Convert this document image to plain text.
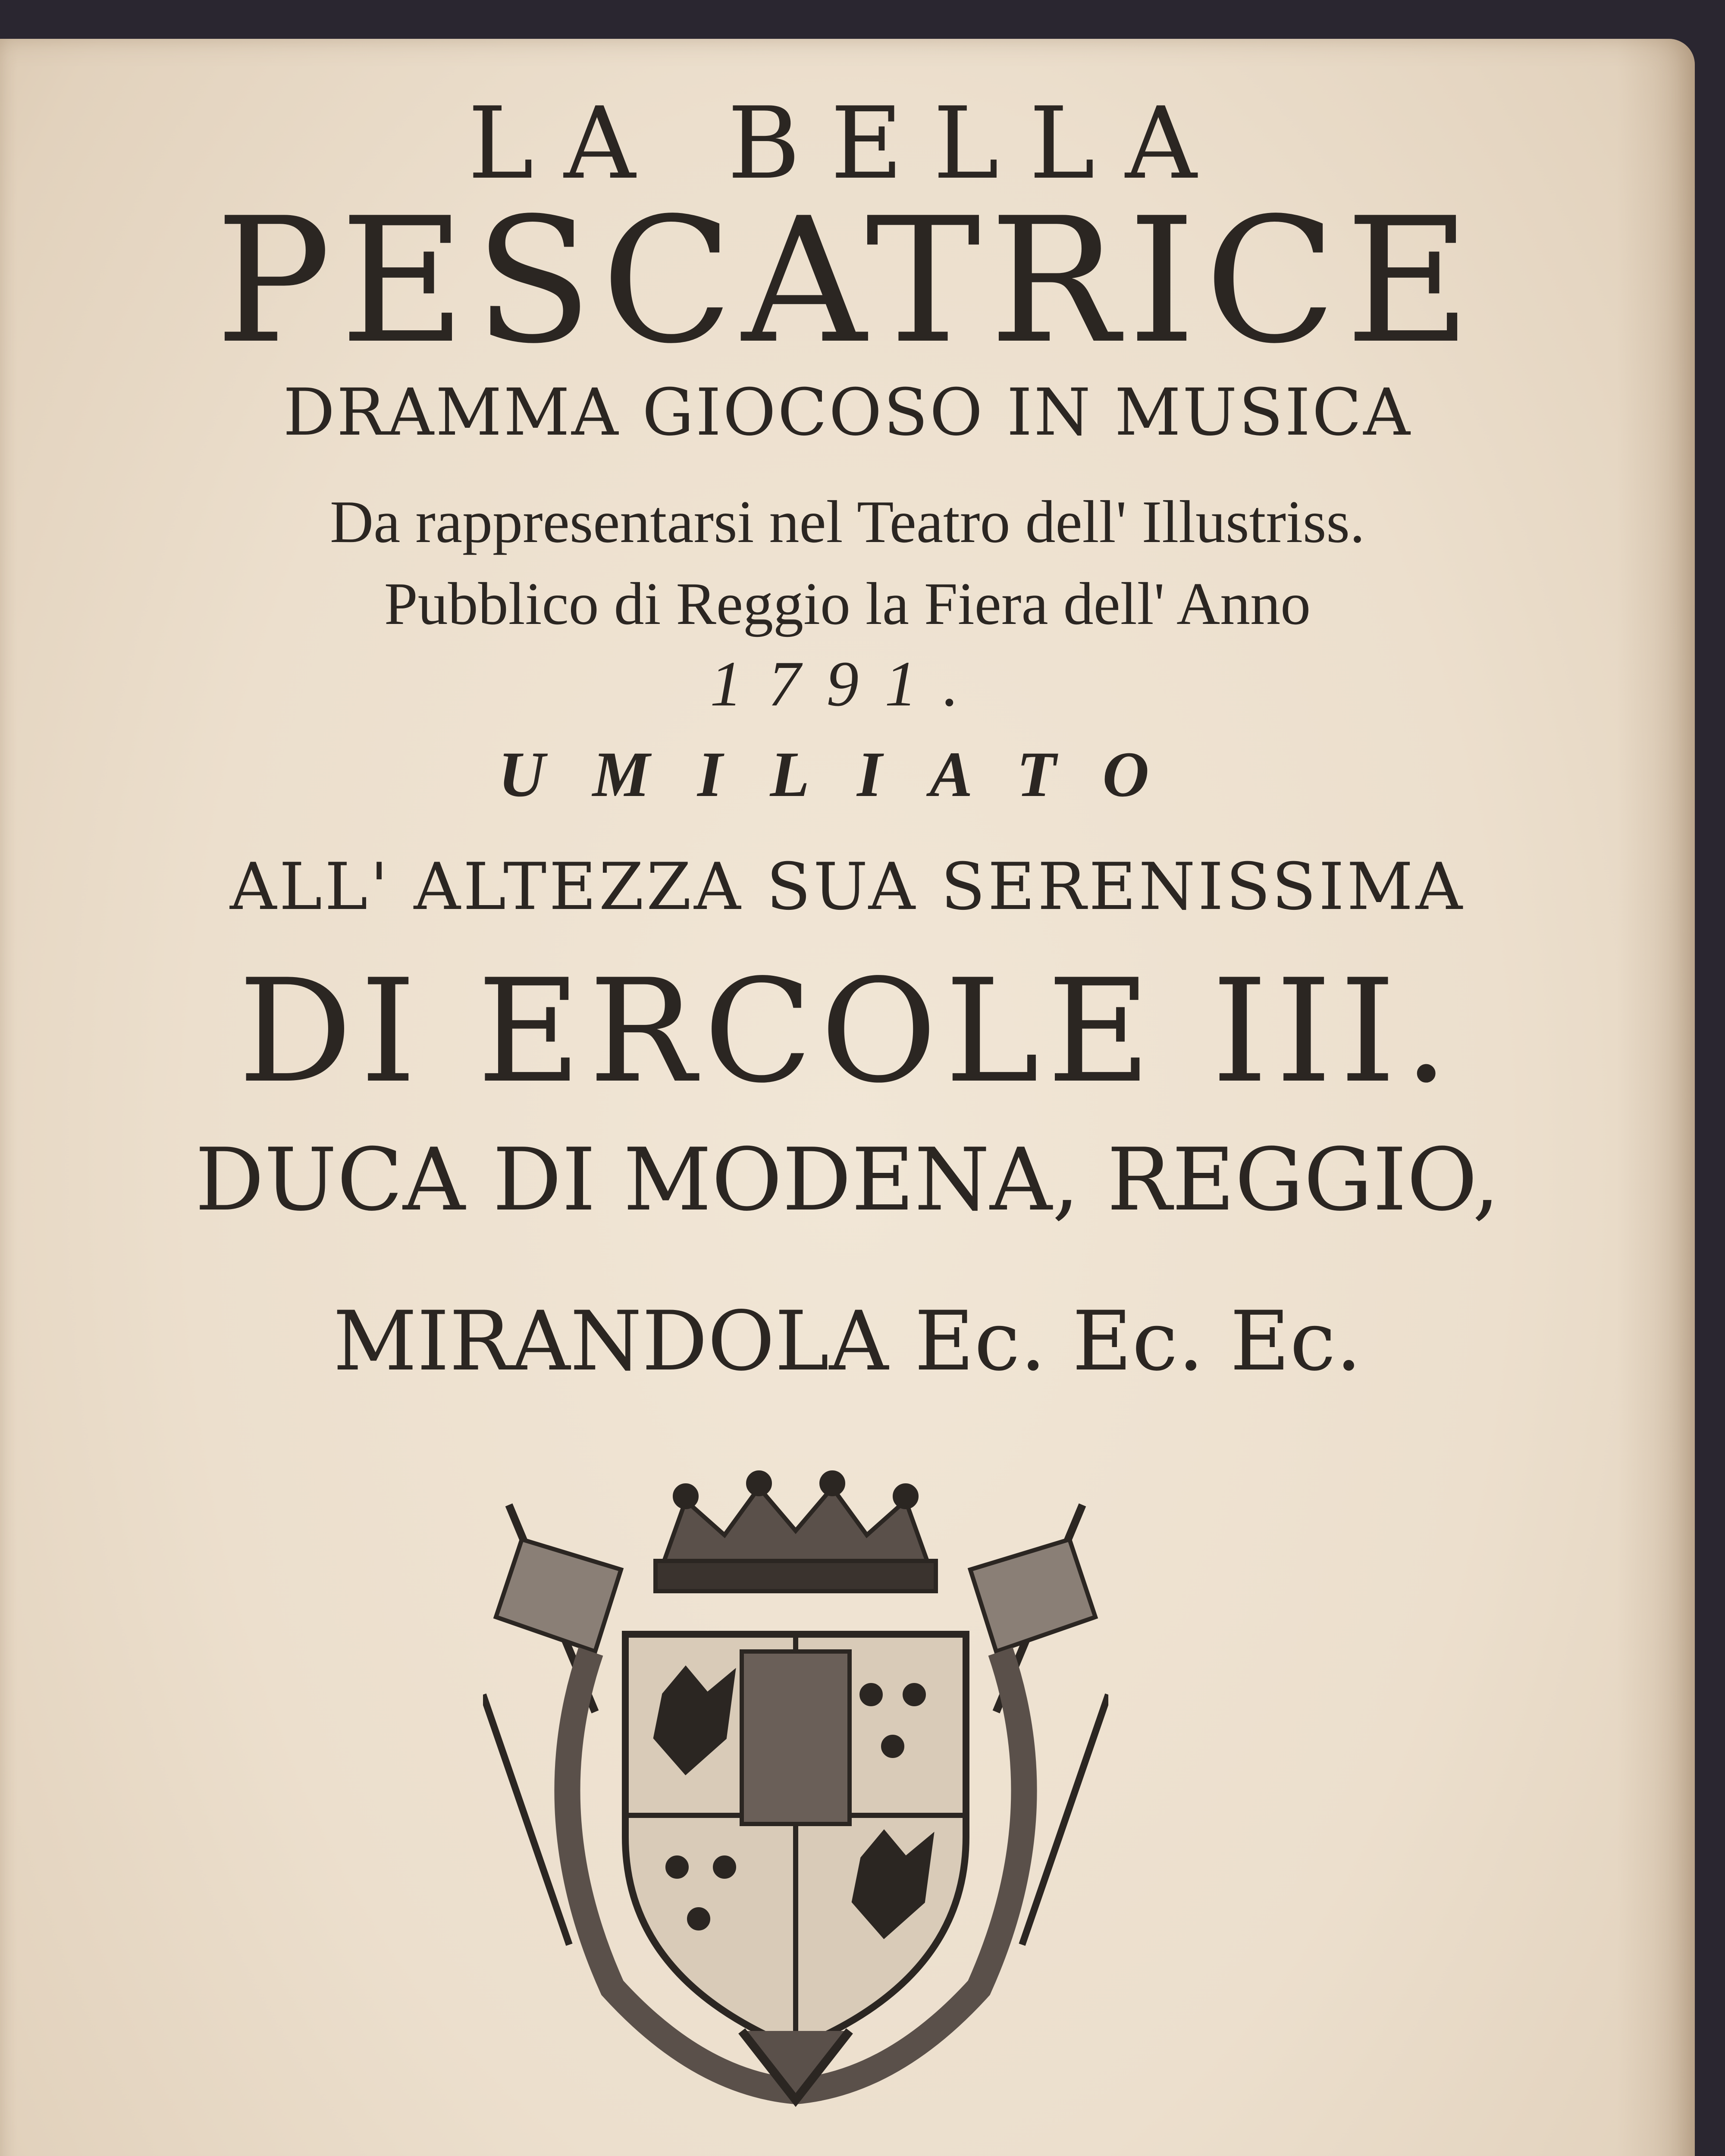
LA BELLA
PESCATRICE
DRAMMA GIOCOSO IN MUSICA
Da rappresentarsi nel Teatro dell' Illustriss.
Pubblico di Reggio la Fiera dell' Anno
1791.
UMILIATO
ALL' ALTEZZA SUA SERENISSIMA
DI ERCOLE III.
DUCA DI MODENA, REGGIO,
MIRANDOLA Ec. Ec. Ec.
